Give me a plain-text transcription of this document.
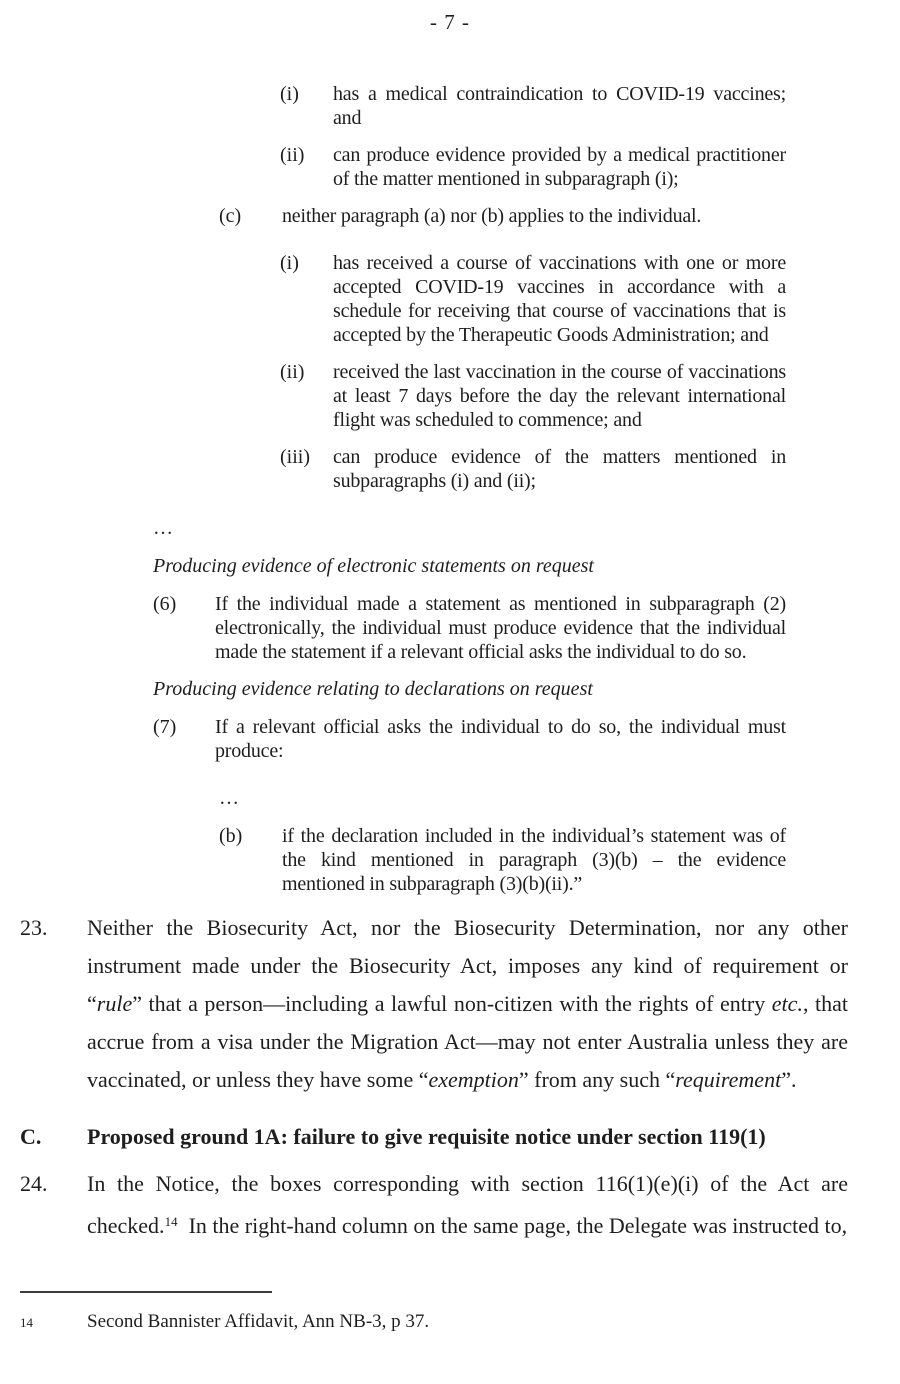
- 7 -
(i)	has a medical contraindication to COVID-19 vaccines; and
(ii)	can produce evidence provided by a medical practitioner of the matter mentioned in subparagraph (i);
(c)	neither paragraph (a) nor (b) applies to the individual.
(i)	has received a course of vaccinations with one or more accepted COVID-19 vaccines in accordance with a schedule for receiving that course of vaccinations that is accepted by the Therapeutic Goods Administration; and
(ii)	received the last vaccination in the course of vaccinations at least 7 days before the day the relevant international flight was scheduled to commence; and
(iii)	can produce evidence of the matters mentioned in subparagraphs (i) and (ii);
…
Producing evidence of electronic statements on request
(6)	If the individual made a statement as mentioned in subparagraph (2) electronically, the individual must produce evidence that the individual made the statement if a relevant official asks the individual to do so.
Producing evidence relating to declarations on request
(7)	If a relevant official asks the individual to do so, the individual must produce:
…
(b)	if the declaration included in the individual’s statement was of the kind mentioned in paragraph (3)(b) – the evidence mentioned in subparagraph (3)(b)(ii).”
23.	Neither the Biosecurity Act, nor the Biosecurity Determination, nor any other instrument made under the Biosecurity Act, imposes any kind of requirement or “rule” that a person—including a lawful non-citizen with the rights of entry etc., that accrue from a visa under the Migration Act—may not enter Australia unless they are vaccinated, or unless they have some “exemption” from any such “requirement”.
C.	Proposed ground 1A: failure to give requisite notice under section 119(1)
24.	In the Notice, the boxes corresponding with section 116(1)(e)(i) of the Act are checked.$^{14}$  In the right-hand column on the same page, the Delegate was instructed to,
14	Second Bannister Affidavit, Ann NB-3, p 37.
